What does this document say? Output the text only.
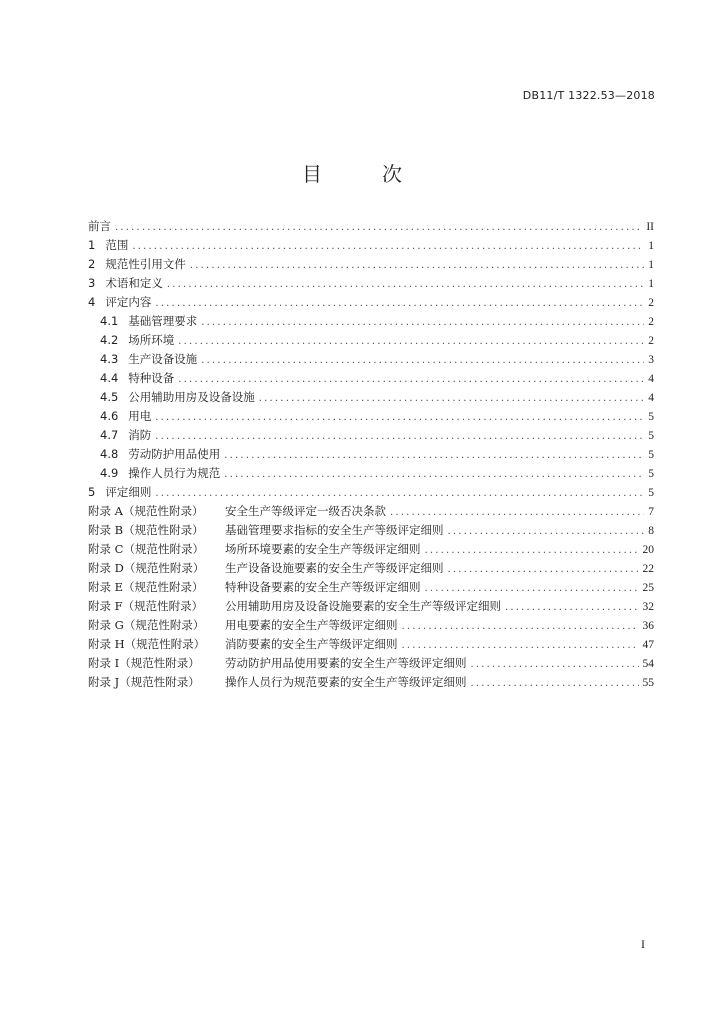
DB11/T 1322.53—2018
目　次
前言 .....	II
1 范围 .....	1
2 规范性引用文件 .....	1
3 术语和定义 .....	1
4 评定内容 .....	2
4.1 基础管理要求 .....	2
4.2 场所环境 .....	2
4.3 生产设备设施 .....	3
4.4 特种设备 .....	4
4.5 公用辅助用房及设备设施 .....	4
4.6 用电 .....	5
4.7 消防 .....	5
4.8 劳动防护用品使用 .....	5
4.9 操作人员行为规范 .....	5
5 评定细则 .....	5
附录 A（规范性附录）	安全生产等级评定一级否决条款 .....	7
附录 B（规范性附录）	基础管理要求指标的安全生产等级评定细则 .....	8
附录 C（规范性附录）	场所环境要素的安全生产等级评定细则 .....	20
附录 D（规范性附录）	生产设备设施要素的安全生产等级评定细则 .....	22
附录 E（规范性附录）	特种设备要素的安全生产等级评定细则 .....	25
附录 F（规范性附录）	公用辅助用房及设备设施要素的安全生产等级评定细则 .....	32
附录 G（规范性附录）	用电要素的安全生产等级评定细则 .....	36
附录 H（规范性附录）	消防要素的安全生产等级评定细则 .....	47
附录 I（规范性附录）	劳动防护用品使用要素的安全生产等级评定细则 .....	54
附录 J（规范性附录）	操作人员行为规范要素的安全生产等级评定细则 .....	55
I
